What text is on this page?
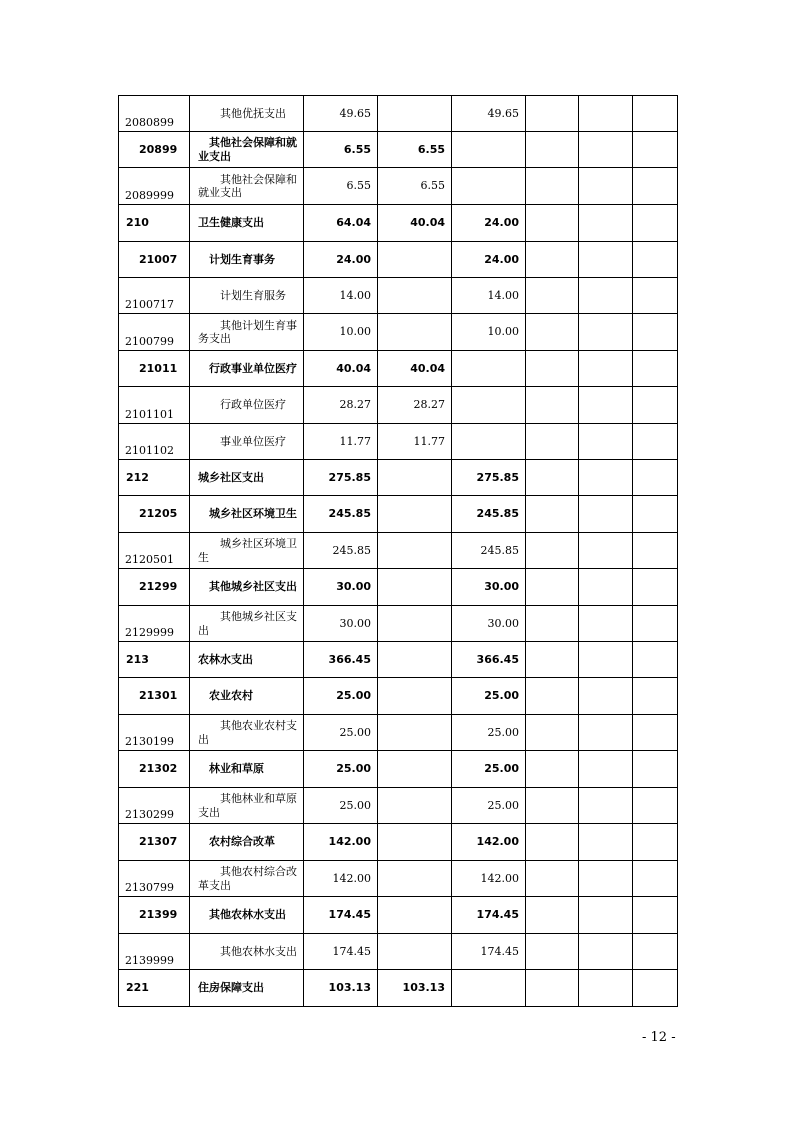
2080899	其他优抚支出	49.65		49.65			
20899	其他社会保障和就业支出	6.55	6.55				
2089999	其他社会保障和就业支出	6.55	6.55				
210	卫生健康支出	64.04	40.04	24.00			
21007	计划生育事务	24.00		24.00			
2100717	计划生育服务	14.00		14.00			
2100799	其他计划生育事务支出	10.00		10.00			
21011	行政事业单位医疗	40.04	40.04				
2101101	行政单位医疗	28.27	28.27				
2101102	事业单位医疗	11.77	11.77				
212	城乡社区支出	275.85		275.85			
21205	城乡社区环境卫生	245.85		245.85			
2120501	城乡社区环境卫生	245.85		245.85			
21299	其他城乡社区支出	30.00		30.00			
2129999	其他城乡社区支出	30.00		30.00			
213	农林水支出	366.45		366.45			
21301	农业农村	25.00		25.00			
2130199	其他农业农村支出	25.00		25.00			
21302	林业和草原	25.00		25.00			
2130299	其他林业和草原支出	25.00		25.00			
21307	农村综合改革	142.00		142.00			
2130799	其他农村综合改革支出	142.00		142.00			
21399	其他农林水支出	174.45		174.45			
2139999	其他农林水支出	174.45		174.45			
221	住房保障支出	103.13	103.13				
- 12 -
